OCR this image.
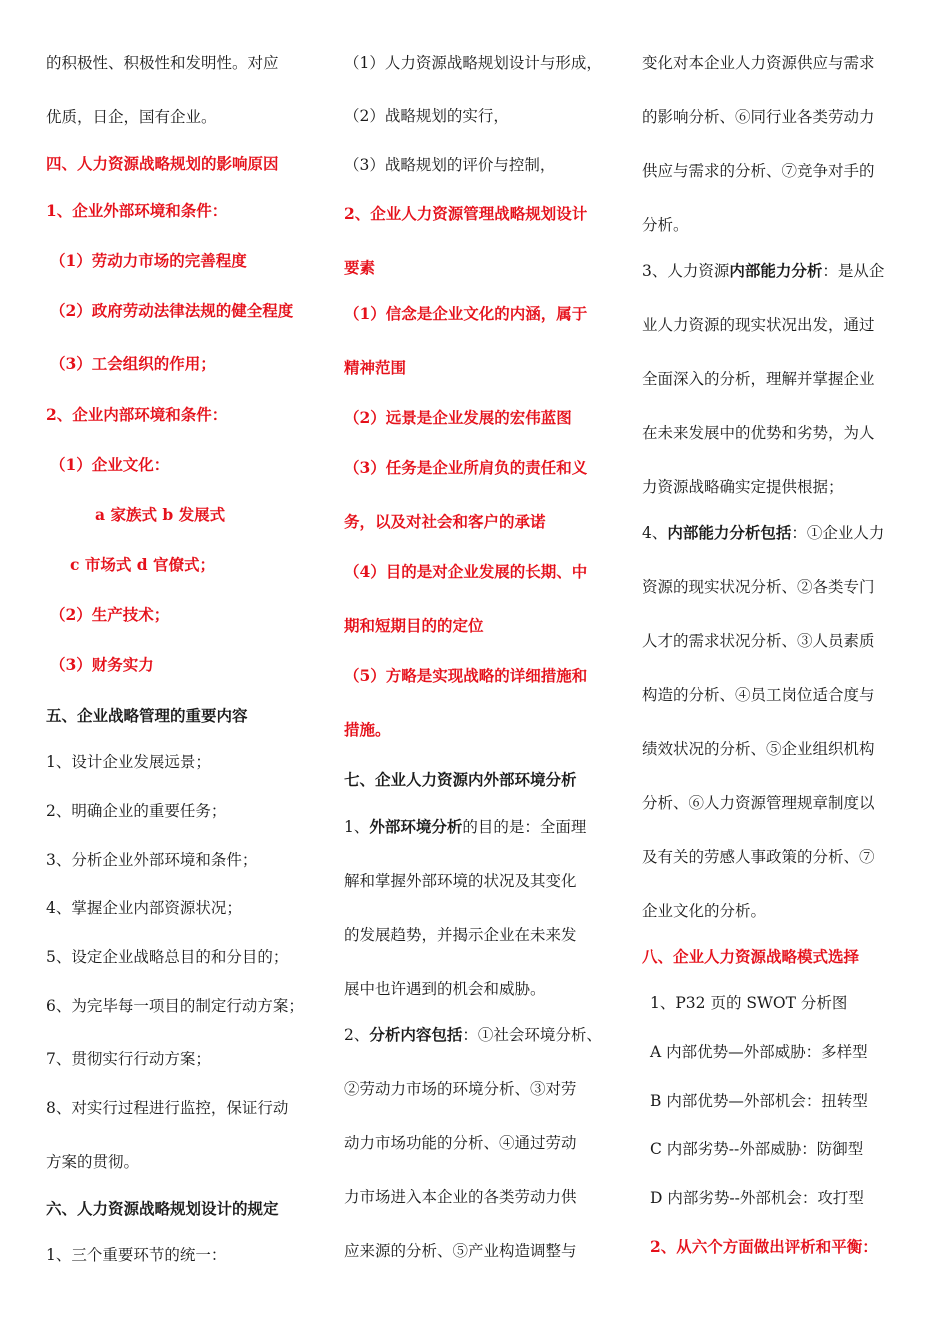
的积极性、积极性和发明性。对应
优质，日企，国有企业。
四、人力资源战略规划的影响原因
1、企业外部环境和条件：
（1）劳动力市场的完善程度
（2）政府劳动法律法规的健全程度
（3）工会组织的作用；
2、企业内部环境和条件：
（1）企业文化：
a 家族式 b 发展式
c 市场式 d 官僚式；
（2）生产技术；
（3）财务实力
五、企业战略管理的重要内容
1、设计企业发展远景；
2、明确企业的重要任务；
3、分析企业外部环境和条件；
4、掌握企业内部资源状况；
5、设定企业战略总目的和分目的；
6、为完毕每一项目的制定行动方案；
7、贯彻实行行动方案；
8、对实行过程进行监控，保证行动
方案的贯彻。
六、人力资源战略规划设计的规定
1、三个重要环节的统一：
（1）人力资源战略规划设计与形成，
（2）战略规划的实行，
（3）战略规划的评价与控制，
2、企业人力资源管理战略规划设计
要素
（1）信念是企业文化的内涵，属于
精神范围
（2）远景是企业发展的宏伟蓝图
（3）任务是企业所肩负的责任和义
务，以及对社会和客户的承诺
（4）目的是对企业发展的长期、中
期和短期目的的定位
（5）方略是实现战略的详细措施和
措施。
七、企业人力资源内外部环境分析
1、外部环境分析的目的是：全面理
解和掌握外部环境的状况及其变化
的发展趋势，并揭示企业在未来发
展中也许遇到的机会和威胁。
2、分析内容包括：①社会环境分析、
②劳动力市场的环境分析、③对劳
动力市场功能的分析、④通过劳动
力市场进入本企业的各类劳动力供
应来源的分析、⑤产业构造调整与
变化对本企业人力资源供应与需求
的影响分析、⑥同行业各类劳动力
供应与需求的分析、⑦竞争对手的
分析。
3、人力资源内部能力分析：是从企
业人力资源的现实状况出发，通过
全面深入的分析，理解并掌握企业
在未来发展中的优势和劣势，为人
力资源战略确实定提供根据；
4、内部能力分析包括：①企业人力
资源的现实状况分析、②各类专门
人才的需求状况分析、③人员素质
构造的分析、④员工岗位适合度与
绩效状况的分析、⑤企业组织机构
分析、⑥人力资源管理规章制度以
及有关的劳感人事政策的分析、⑦
企业文化的分析。
八、企业人力资源战略模式选择
1、P32 页的 SWOT 分析图
A 内部优势—外部威胁：多样型
B 内部优势—外部机会：扭转型
C 内部劣势--外部威胁：防御型
D 内部劣势--外部机会：攻打型
2、从六个方面做出评析和平衡：
